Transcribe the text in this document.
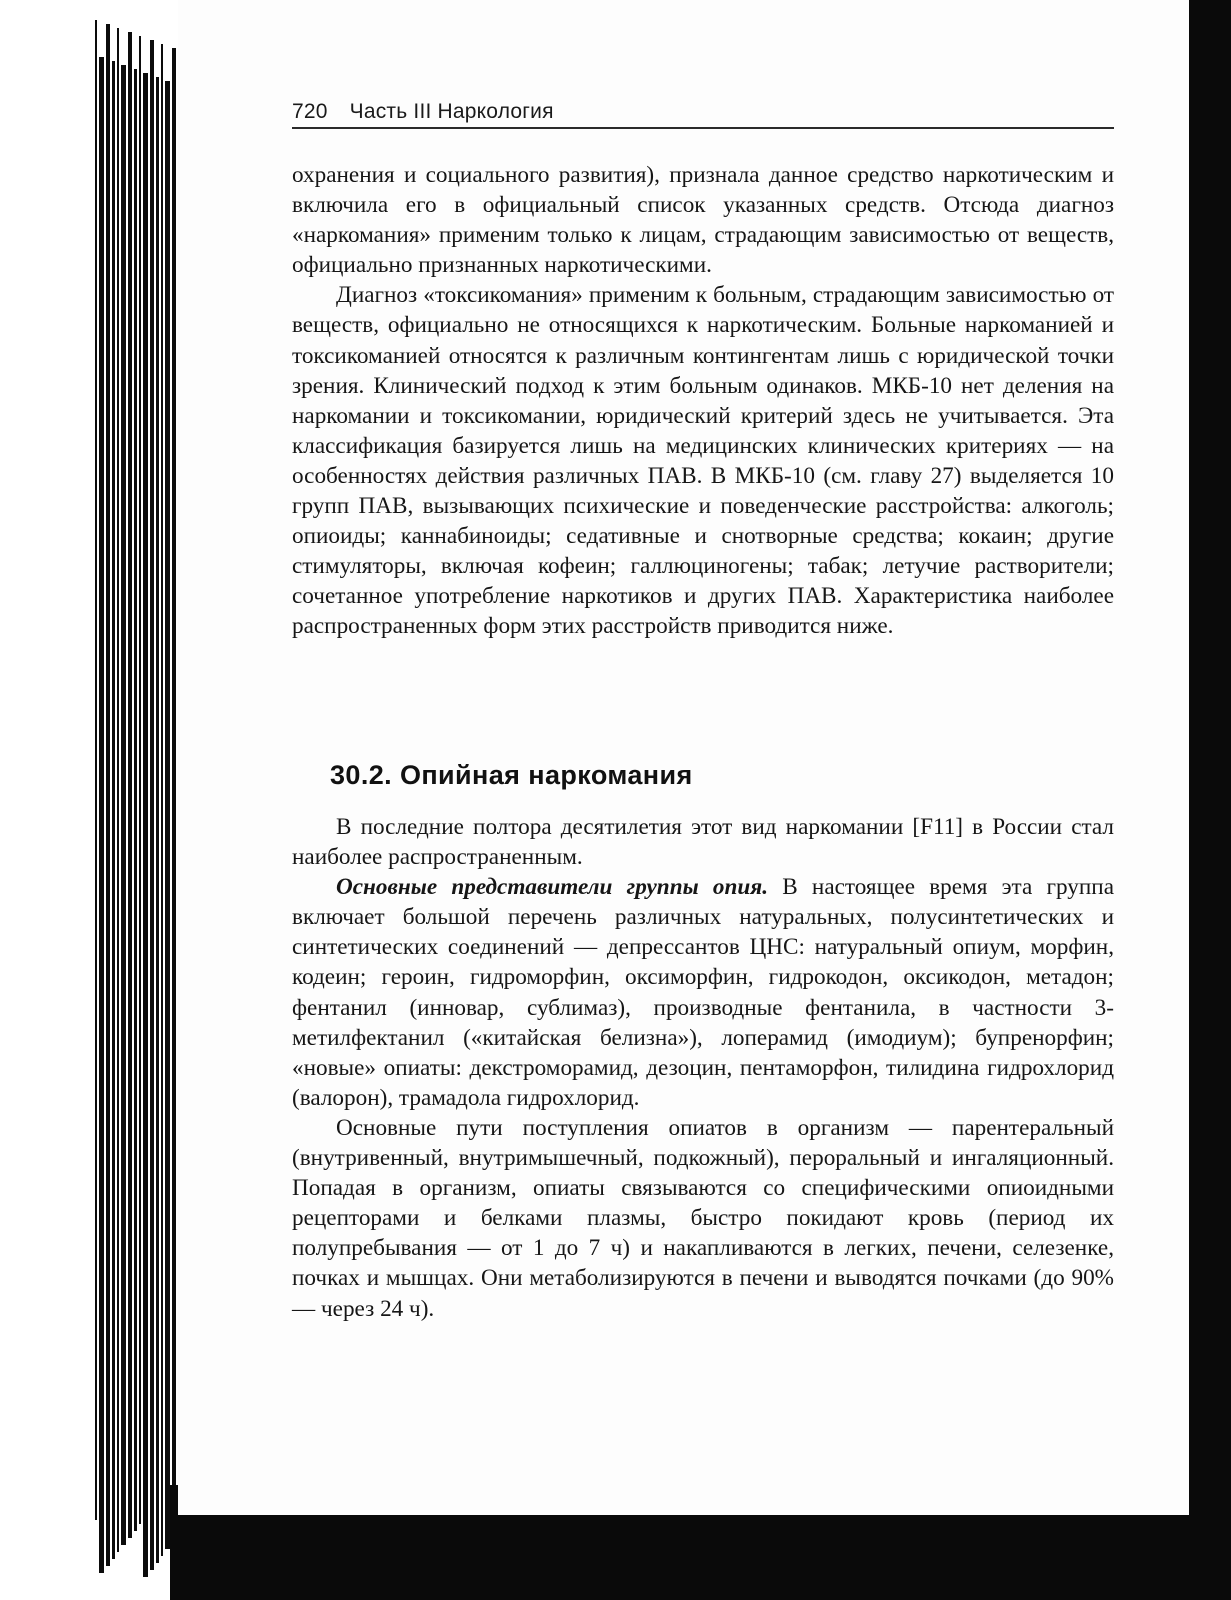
720 Часть III Наркология

охранения и социального развития), признала данное средство наркотическим и включила его в официальный список указанных средств. Отсюда диагноз «наркомания» применим только к лицам, страдающим зависимостью от веществ, официально признанных наркотическими.

Диагноз «токсикомания» применим к больным, страдающим зависимостью от веществ, официально не относящихся к наркотическим. Больные наркоманией и токсикоманией относятся к различным контингентам лишь с юридической точки зрения. Клинический подход к этим больным одинаков. МКБ-10 нет деления на наркомании и токсикомании, юридический критерий здесь не учитывается. Эта классификация базируется лишь на медицинских клинических критериях — на особенностях действия различных ПАВ. В МКБ-10 (см. главу 27) выделяется 10 групп ПАВ, вызывающих психические и поведенческие расстройства: алкоголь; опиоиды; каннабиноиды; седативные и снотворные средства; кокаин; другие стимуляторы, включая кофеин; галлюциногены; табак; летучие растворители; сочетанное употребление наркотиков и других ПАВ. Характеристика наиболее распространенных форм этих расстройств приводится ниже.

30.2. Опийная наркомания

В последние полтора десятилетия этот вид наркомании [F11] в России стал наиболее распространенным.

Основные представители группы опия. В настоящее время эта группа включает большой перечень различных натуральных, полусинтетических и синтетических соединений — депрессантов ЦНС: натуральный опиум, морфин, кодеин; героин, гидроморфин, оксиморфин, гидрокодон, оксикодон, метадон; фентанил (инновар, сублимаз), производные фентанила, в частности 3-метилфектанил («китайская белизна»), лоперамид (имодиум); бупренорфин; «новые» опиаты: декстроморамид, дезоцин, пентаморфон, тилидина гидрохлорид (валорон), трамадола гидрохлорид.

Основные пути поступления опиатов в организм — парентеральный (внутривенный, внутримышечный, подкожный), пероральный и ингаляционный. Попадая в организм, опиаты связываются со специфическими опиоидными рецепторами и белками плазмы, быстро покидают кровь (период их полупребывания — от 1 до 7 ч) и накапливаются в легких, печени, селезенке, почках и мышцах. Они метаболизируются в печени и выводятся почками (до 90% — через 24 ч).
